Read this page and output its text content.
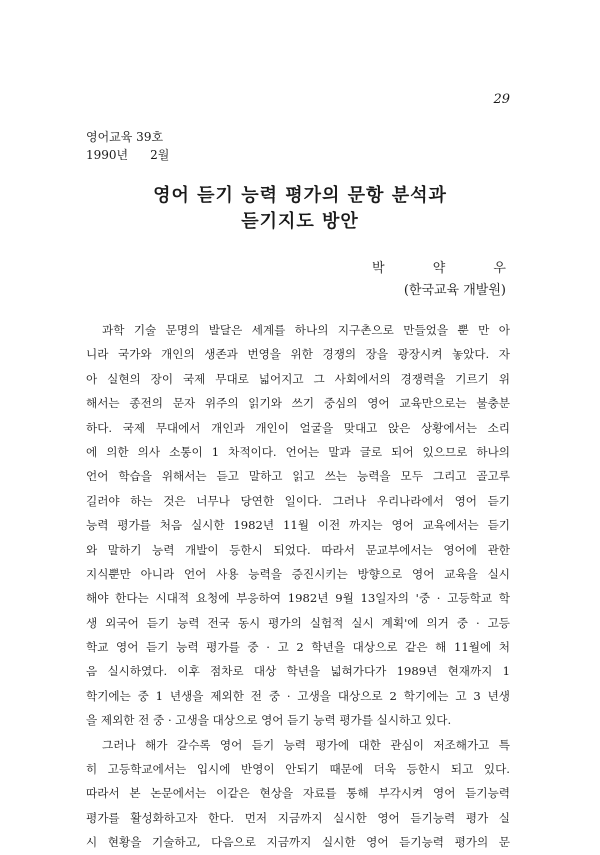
29
영어교육 39호
1990년 2월
영어 듣기 능력 평가의 문항 분석과
듣기지도 방안
박 약 우
(한국교육 개발원)
과학 기술 문명의 발달은 세계를 하나의 지구촌으로 만들었을 뿐 만 아
니라 국가와 개인의 생존과 번영을 위한 경쟁의 장을 광장시켜 놓았다. 자
아 실현의 장이 국제 무대로 넓어지고 그 사회에서의 경쟁력을 기르기 위
해서는 종전의 문자 위주의 읽기와 쓰기 중심의 영어 교육만으로는 불충분
하다. 국제 무대에서 개인과 개인이 얼굴을 맞대고 앉은 상황에서는 소리
에 의한 의사 소통이 1 차적이다. 언어는 말과 글로 되어 있으므로 하나의
언어 학습을 위해서는 듣고 말하고 읽고 쓰는 능력을 모두 그리고 골고루
길러야 하는 것은 너무나 당연한 일이다. 그러나 우리나라에서 영어 듣기
능력 평가를 처음 실시한 1982년 11월 이전 까지는 영어 교육에서는 듣기
와 말하기 능력 개발이 등한시 되었다. 따라서 문교부에서는 영어에 관한
지식뿐만 아니라 언어 사용 능력을 증진시키는 방향으로 영어 교육을 실시
해야 한다는 시대적 요청에 부응하여 1982년 9월 13일자의 '중 · 고등학교 학
생 외국어 듣기 능력 전국 동시 평가의 실험적 실시 계획'에 의거 중 · 고등
학교 영어 듣기 능력 평가를 중 · 고 2 학년을 대상으로 같은 해 11월에 처
음 실시하였다. 이후 점차로 대상 학년을 넓혀가다가 1989년 현재까지 1
학기에는 중 1 년생을 제외한 전 중 · 고생을 대상으로 2 학기에는 고 3 년생
을 제외한 전 중 · 고생을 대상으로 영어 듣기 능력 평가를 실시하고 있다.
그러나 해가 갈수록 영어 듣기 능력 평가에 대한 관심이 저조해가고 특
히 고등학교에서는 입시에 반영이 안되기 때문에 더욱 등한시 되고 있다.
따라서 본 논문에서는 이같은 현상을 자료를 통해 부각시켜 영어 듣기능력
평가를 활성화하고자 한다. 먼저 지금까지 실시한 영어 듣기능력 평가 실
시 현황을 기술하고, 다음으로 지금까지 실시한 영어 듣기능력 평가의 문
